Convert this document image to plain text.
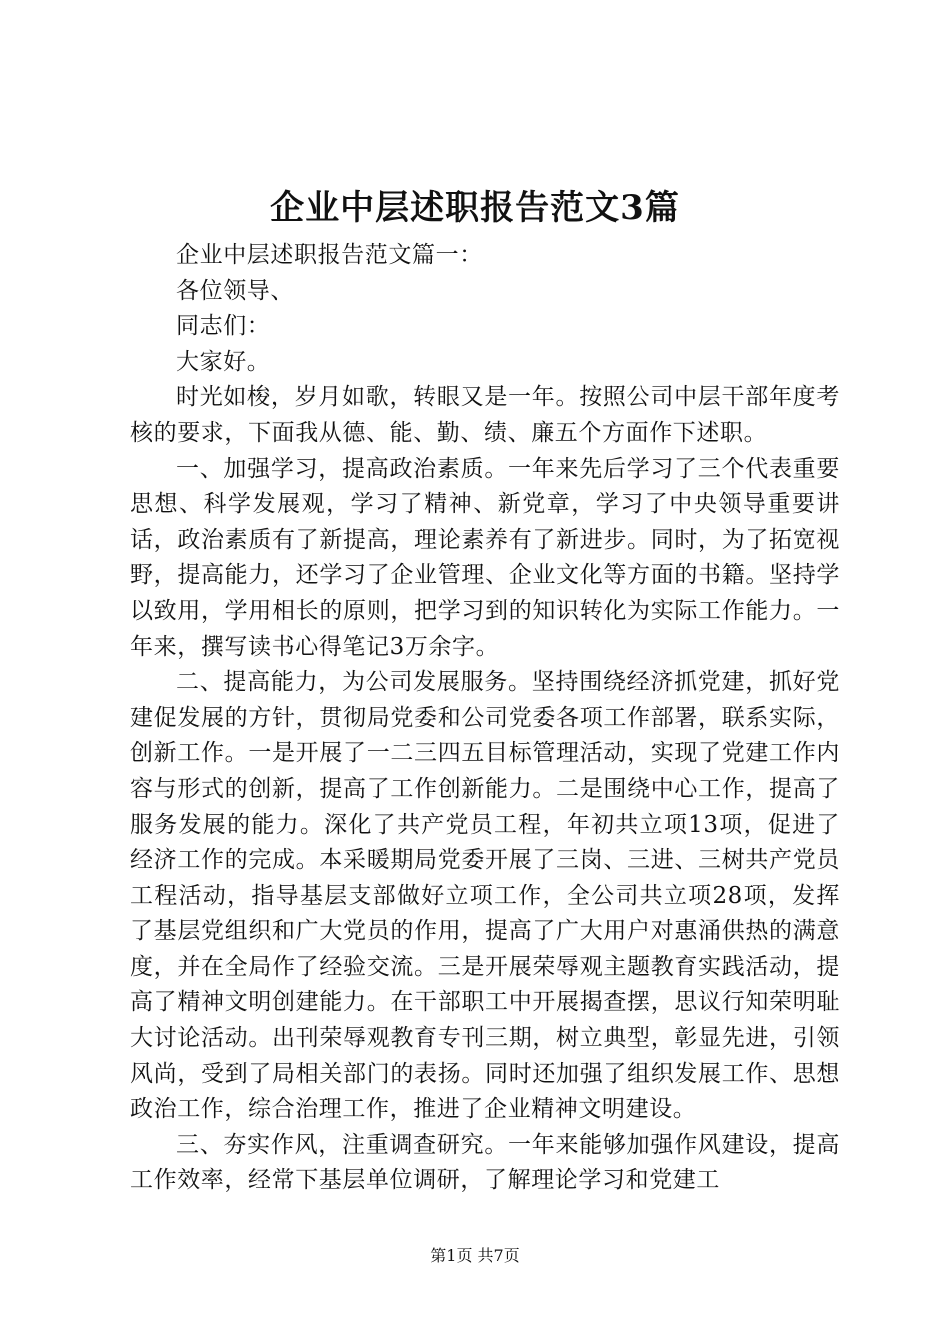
企业中层述职报告范文3篇

企业中层述职报告范文篇一：

各位领导、

同志们：

大家好。

时光如梭，岁月如歌，转眼又是一年。按照公司中层干部年度考核的要求，下面我从德、能、勤、绩、廉五个方面作下述职。

一、加强学习，提高政治素质。一年来先后学习了三个代表重要思想、科学发展观，学习了精神、新党章，学习了中央领导重要讲话，政治素质有了新提高，理论素养有了新进步。同时，为了拓宽视野，提高能力，还学习了企业管理、企业文化等方面的书籍。坚持学以致用，学用相长的原则，把学习到的知识转化为实际工作能力。一年来，撰写读书心得笔记3万余字。

二、提高能力，为公司发展服务。坚持围绕经济抓党建，抓好党建促发展的方针，贯彻局党委和公司党委各项工作部署，联系实际，创新工作。一是开展了一二三四五目标管理活动，实现了党建工作内容与形式的创新，提高了工作创新能力。二是围绕中心工作，提高了服务发展的能力。深化了共产党员工程，年初共立项13项，促进了经济工作的完成。本采暖期局党委开展了三岗、三进、三树共产党员工程活动，指导基层支部做好立项工作，全公司共立项28项，发挥了基层党组织和广大党员的作用，提高了广大用户对惠涌供热的满意度，并在全局作了经验交流。三是开展荣辱观主题教育实践活动，提高了精神文明创建能力。在干部职工中开展揭查摆，思议行知荣明耻大讨论活动。出刊荣辱观教育专刊三期，树立典型，彰显先进，引领风尚，受到了局相关部门的表扬。同时还加强了组织发展工作、思想政治工作，综合治理工作，推进了企业精神文明建设。

三、夯实作风，注重调查研究。一年来能够加强作风建设，提高工作效率，经常下基层单位调研，了解理论学习和党建工

第1页 共7页
